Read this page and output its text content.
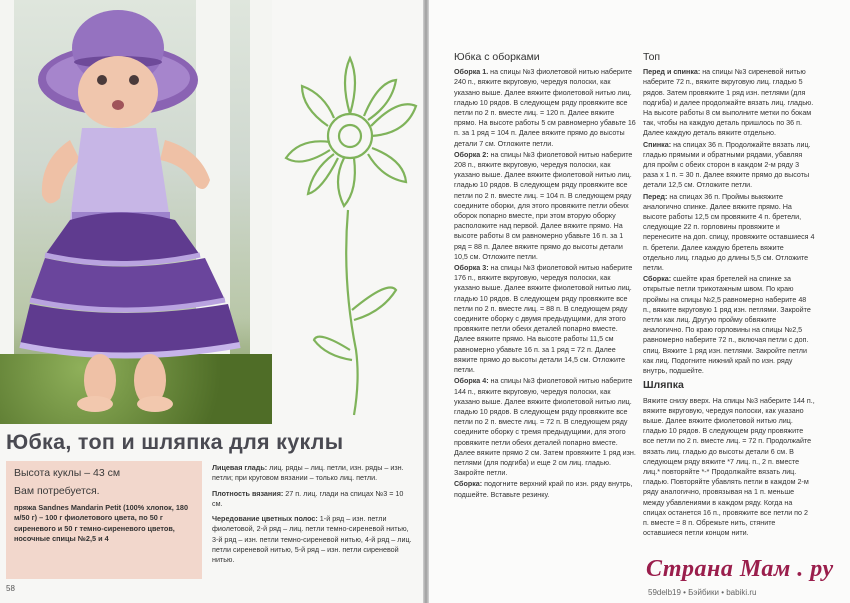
Юбка, топ и шляпка для куклы
Высота куклы – 43 см
Вам потребуется.
пряжа Sandnes Mandarin Petit (100% хлопок, 180 м/50 г) – 100 г фиолетового цвета, по 50 г сиреневого и 50 г темно-сиреневого цветов, носочные спицы №2,5 и 4

Лицевая гладь: лиц. ряды – лиц. петли, изн. ряды – изн. петли; при круговом вязании – только лиц. петли.

Плотность вязания: 27 п. лиц. глади на спицах №3 = 10 см.

Чередование цветных полос: 1-й ряд – изн. петли фиолетовой, 2-й ряд – лиц. петли темно-сиреневой нитью, 3-й ряд – изн. петли темно-сиреневой нитью, 4-й ряд – лиц. петли сиреневой нитью, 5-й ряд – изн. петли сиреневой нитью.

58
Юбка с оборками

Оборка 1. на спицы №3 фиолетовой нитью наберите 240 п., вяжите вкруговую, чередуя полоски, как указано выше. Далее вяжите фиолетовой нитью лиц. гладью 10 рядов. В следующем ряду провяжите все петли по 2 п. вместе лиц. = 120 п. Далее вяжите прямо. На высоте работы 5 см равномерно убавьте 16 п. за 1 ряд = 104 п. Далее вяжите прямо до высоты детали 7 см. Отложите петли.

Оборка 2: на спицы №3 фиолетовой нитью наберите 208 п., вяжите вкруговую, чередуя полоски, как указано выше. Далее вяжите фиолетовой нитью лиц. гладью 10 рядов. В следующем ряду провяжите все петли по 2 п. вместе лиц. = 104 п. В следующем ряду соедините оборки, для этого провяжите петли обеих оборок попарно вместе, при этом вторую оборку расположите над первой. Далее вяжите прямо. На высоте работы 8 см равномерно убавьте 16 п. за 1 ряд = 88 п. Далее вяжите прямо до высоты детали 10,5 см. Отложите петли.

Оборка 3: на спицы №3 фиолетовой нитью наберите 176 п., вяжите вкруговую, чередуя полоски, как указано выше. Далее вяжите фиолетовой нитью лиц. гладью 10 рядов. В следующем ряду провяжите все петли по 2 п. вместе лиц. = 88 п. В следующем ряду соедините оборку с двумя предыдущими, для этого провяжите петли обеих деталей попарно вместе. Далее вяжите прямо. На высоте работы 11,5 см равномерно убавьте 16 п. за 1 ряд = 72 п. Далее вяжите прямо до высоты детали 14,5 см. Отложите петли.

Оборка 4: на спицы №3 фиолетовой нитью наберите 144 п., вяжите вкруговую, чередуя полоски, как указано выше. Далее вяжите фиолетовой нитью лиц. гладью 10 рядов. В следующем ряду провяжите все петли по 2 п. вместе лиц. = 72 п. В следующем ряду соедините оборку с тремя предыдущими, для этого провяжите петли обеих деталей попарно вместе. Далее вяжите прямо 2 см. Затем провяжите 1 ряд изн. петлями (для подгиба) и еще 2 см лиц. гладью. Закройте петли.

Сборка: подогните верхний край по изн. ряду внутрь, подшейте. Вставьте резинку.

Топ

Перед и спинка: на спицы №3 сиреневой нитью наберите 72 п., вяжите вкруговую лиц. гладью 5 рядов. Затем провяжите 1 ряд изн. петлями (для подгиба) и далее продолжайте вязать лиц. гладью. На высоте работы 8 см выполните метки по бокам так, чтобы на каждую деталь пришлось по 36 п. Далее каждую деталь вяжите отдельно.

Спинка: на спицах 36 п. Продолжайте вязать лиц. гладью прямыми и обратными рядами, убавляя для пройм с обеих сторон в каждом 2-м ряду 3 раза х 1 п. = 30 п. Далее вяжите прямо до высоты детали 12,5 см. Отложите петли.

Перед: на спицах 36 п. Проймы выкяжите аналогично спинке. Далее вяжите прямо. На высоте работы 12,5 см провяжите 4 п. бретели, следующие 22 п. горловины провяжите и перенесите на доп. спицу, провяжите оставшиеся 4 п. бретели. Далее каждую бретель вяжите отдельно лиц. гладью до длины 5,5 см. Отложите петли.

Сборка: сшейте края бретелей на спинке за открытые петли трикотажным швом. По краю проймы на спицы №2,5 равномерно наберите 48 п., вяжите вкруговую 1 ряд изн. петлями. Закройте петли как лиц. Другую пройму обвяжите аналогично. По краю горловины на спицы №2,5 равномерно наберите 72 п., включая петли с доп. спиц. Вяжите 1 ряд изн. петлями. Закройте петли как лиц. Подогните нижний край по изн. ряду внутрь, подшейте.

Шляпка

Вяжите снизу вверх. На спицы №3 наберите 144 п., вяжите вкруговую, чередуя полоски, как указано выше. Далее вяжите фиолетовой нитью лиц. гладью 10 рядов. В следующем ряду провяжите все петли по 2 п. вместе лиц. = 72 п. Продолжайте вязать лиц. гладью до высоты детали 6 см. В следующем ряду вяжите *7 лиц. п., 2 п. вместе лиц.* повторяйте *-* Продолжайте вязать лиц. гладью. Повторяйте убавлять петли в каждом 2-м ряду аналогично, провязывая на 1 п. меньше между убавлениями в каждом ряду. Когда на спицах останется 16 п., провяжите все петли по 2 п. вместе = 8 п. Обрежьте нить, стяните оставшиеся петли концом нити.

Страна Мам . ру
59delb19 • Бэйбики • babiki.ru
